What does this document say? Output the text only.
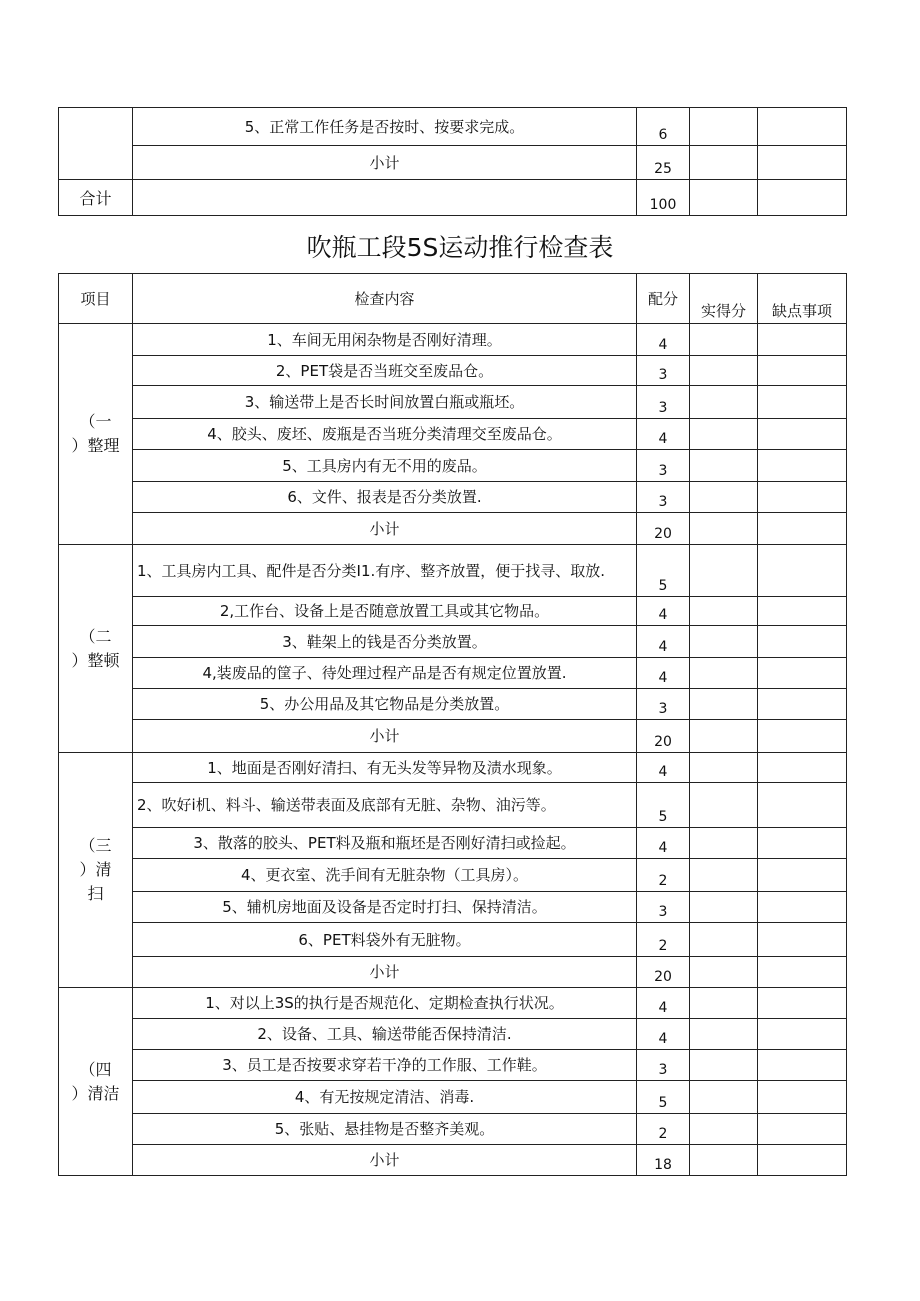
	5、正常工作任务是否按时、按要求完成。	6		
	小计	25		
合计		100		
吹瓶工段5S运动推行检查表
项目	检查内容	配分	实得分	缺点事项
（一
）整理	1、车间无用闲杂物是否刚好清理。	4		
	2、PET袋是否当班交至废品仓。	3		
	3、输送带上是否长时间放置白瓶或瓶坯。	3		
	4、胶头、废坯、废瓶是否当班分类清理交至废品仓。	4		
	5、工具房内有无不用的废品。	3		
	6、文件、报表是否分类放置.	3		
	小计	20		
（二
）整顿	1、工具房内工具、配件是否分类I1.有序、整齐放置，便于找寻、取放.	5		
	2,工作台、设备上是否随意放置工具或其它物品。	4		
	3、鞋架上的钱是否分类放置。	4		
	4,装废品的筐子、待处理过程产品是否有规定位置放置.	4		
	5、办公用品及其它物品是分类放置。	3		
	小计	20		
（三
）清
扫	1、地面是否刚好清扫、有无头发等异物及渍水现象。	4		
	2、吹好i机、料斗、输送带表面及底部有无脏、杂物、油污等。	5		
	3、散落的胶头、PET料及瓶和瓶坯是否刚好清扫或捡起。	4		
	4、更衣室、洗手间有无脏杂物（工具房）。	2		
	5、辅机房地面及设备是否定时打扫、保持清洁。	3		
	6、PET料袋外有无脏物。	2		
	小计	20		
（四
）清洁	1、对以上3S的执行是否规范化、定期检查执行状况。	4		
	2、设备、工具、输送带能否保持清洁.	4		
	3、员工是否按要求穿若干净的工作服、工作鞋。	3		
	4、有无按规定清洁、消毒.	5		
	5、张贴、悬挂物是否整齐美观。	2		
	小计	18		
